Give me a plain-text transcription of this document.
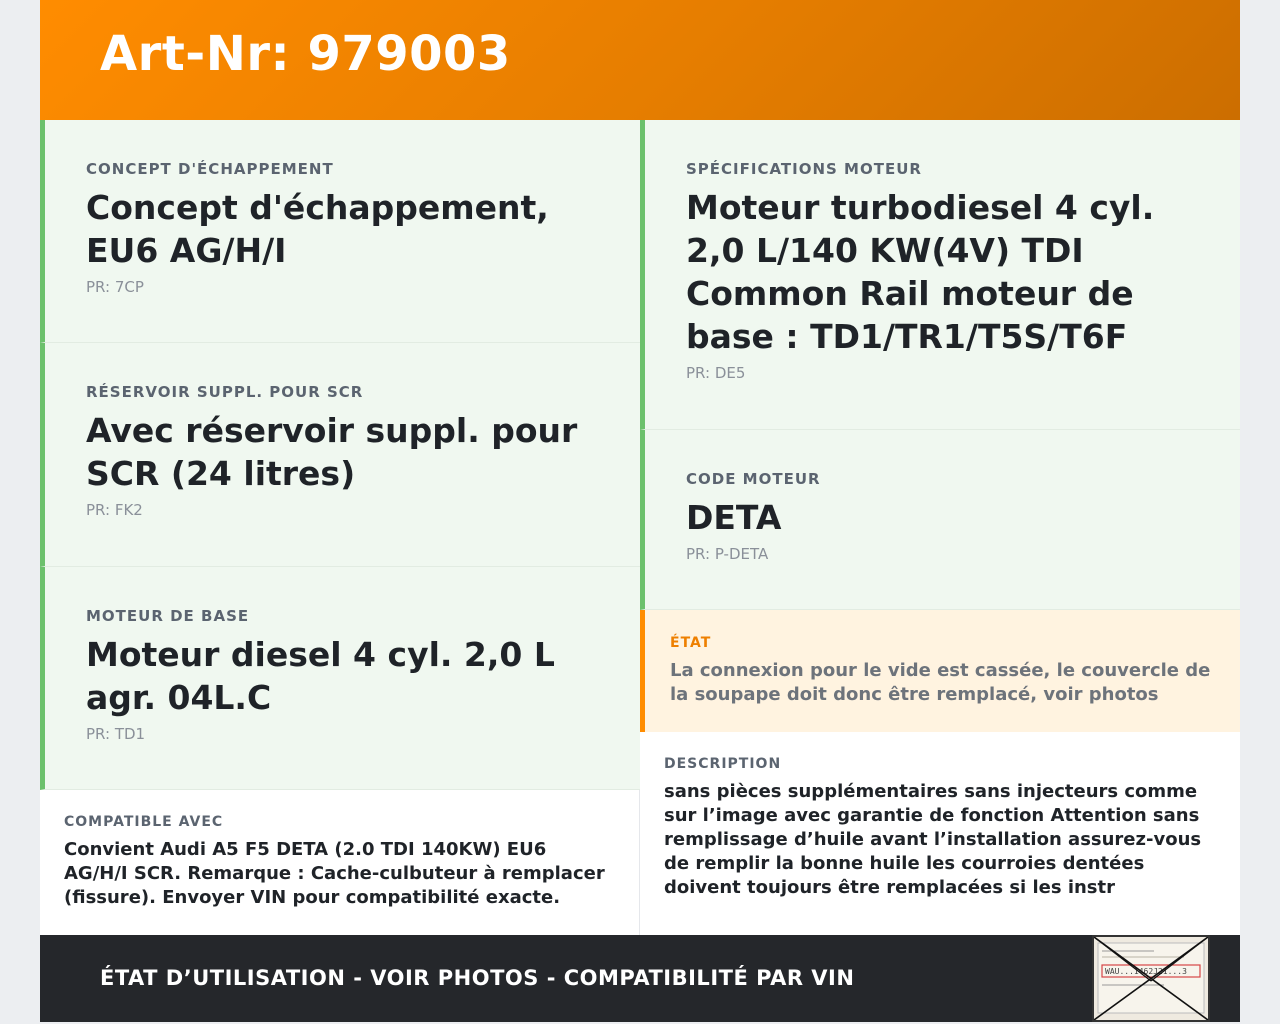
Art-Nr: 979003
CONCEPT D'ÉCHAPPEMENT
Concept d'échappement, EU6 AG/H/I
PR: 7CP
RÉSERVOIR SUPPL. POUR SCR
Avec réservoir suppl. pour SCR (24 litres)
PR: FK2
MOTEUR DE BASE
Moteur diesel 4 cyl. 2,0 L agr. 04L.C
PR: TD1
SPÉCIFICATIONS MOTEUR
Moteur turbodiesel 4 cyl. 2,0 L/140 KW(4V) TDI Common Rail moteur de base : TD1/TR1/T5S/T6F
PR: DE5
CODE MOTEUR
DETA
PR: P-DETA
ÉTAT
La connexion pour le vide est cassée, le couvercle de la soupape doit donc être remplacé, voir photos
COMPATIBLE AVEC
Convient Audi A5 F5 DETA (2.0 TDI 140KW) EU6 AG/H/I SCR. Remarque : Cache-culbuteur à remplacer (fissure). Envoyer VIN pour compatibilité exacte.
DESCRIPTION
sans pièces supplémentaires sans injecteurs comme sur l’image avec garantie de fonction Attention sans remplissage d’huile avant l’installation assurez-vous de remplir la bonne huile les courroies dentées doivent toujours être remplacées si les instr
ÉTAT D’UTILISATION - VOIR PHOTOS - COMPATIBILITÉ PAR VIN	WAU...1462J21...3
